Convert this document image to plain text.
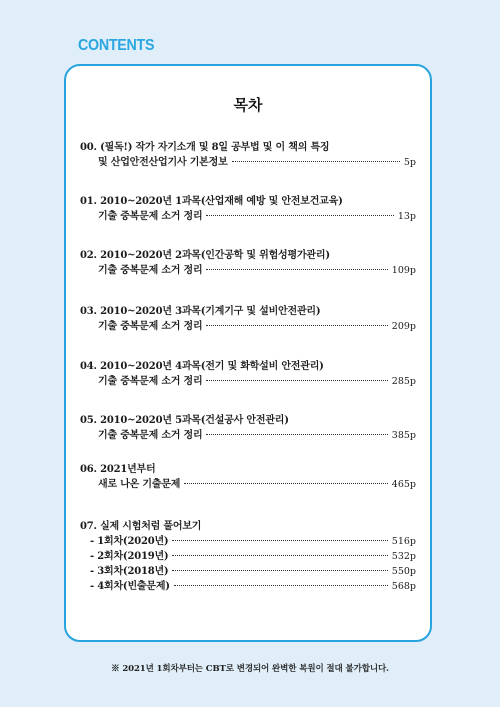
CONTENTS
목차
00. (필독!) 작가 자기소개 및 8일 공부법 및 이 책의 특징
및 산업안전산업기사 기본정보	5p
01. 2010~2020년 1과목(산업재해 예방 및 안전보건교육)
기출 중복문제 소거 정리	13p
02. 2010~2020년 2과목(인간공학 및 위험성평가관리)
기출 중복문제 소거 정리	109p
03. 2010~2020년 3과목(기계기구 및 설비안전관리)
기출 중복문제 소거 정리	209p
04. 2010~2020년 4과목(전기 및 화학설비 안전관리)
기출 중복문제 소거 정리	285p
05. 2010~2020년 5과목(건설공사 안전관리)
기출 중복문제 소거 정리	385p
06. 2021년부터
새로 나온 기출문제	465p
07. 실제 시험처럼 풀어보기
- 1회차(2020년)	516p
- 2회차(2019년)	532p
- 3회차(2018년)	550p
- 4회차(빈출문제)	568p
※ 2021년 1회차부터는 CBT로 변경되어 완벽한 복원이 절대 불가합니다.
